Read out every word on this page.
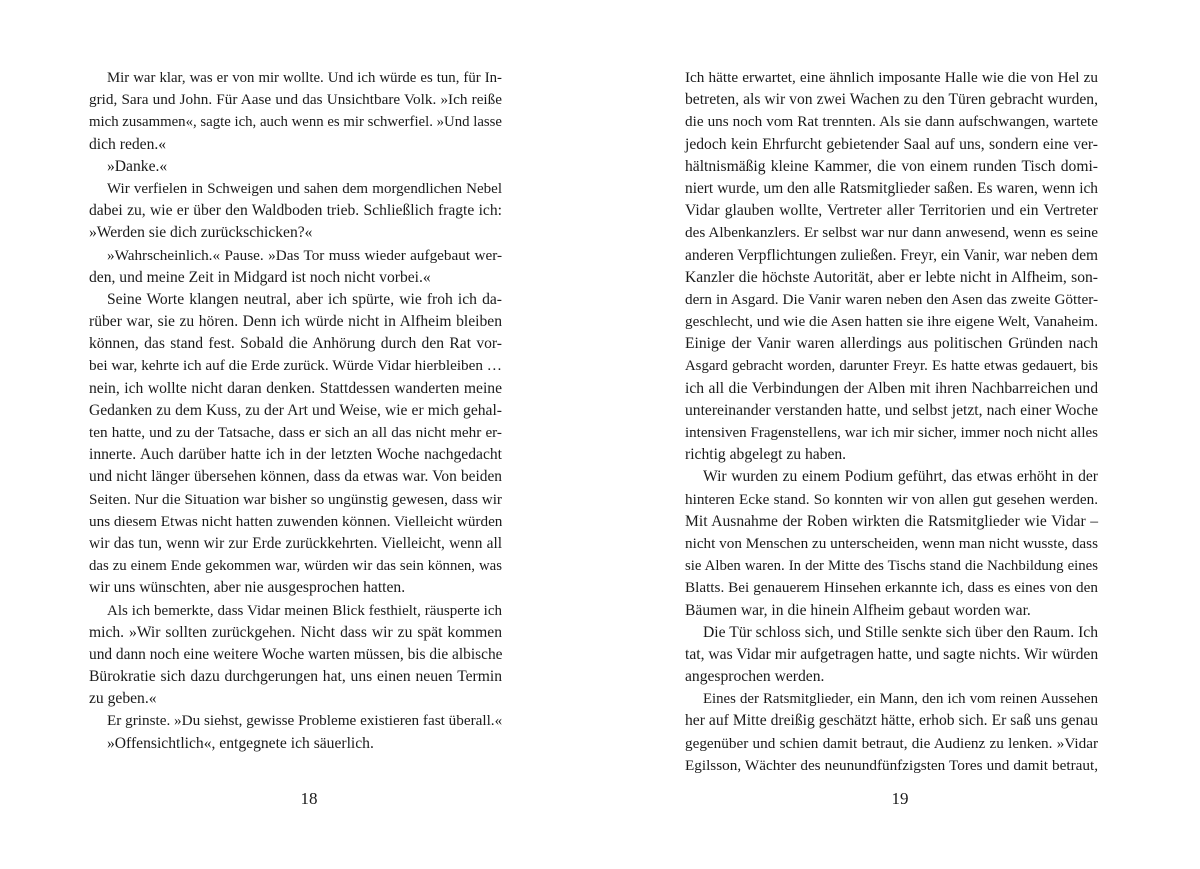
Mir war klar, was er von mir wollte. Und ich würde es tun, für In-
grid, Sara und John. Für Aase und das Unsichtbare Volk. »Ich reiße
mich zusammen«, sagte ich, auch wenn es mir schwerfiel. »Und lasse
dich reden.«
»Danke.«
Wir verfielen in Schweigen und sahen dem morgendlichen Nebel
dabei zu, wie er über den Waldboden trieb. Schließlich fragte ich:
»Werden sie dich zurückschicken?«
»Wahrscheinlich.« Pause. »Das Tor muss wieder aufgebaut wer-
den, und meine Zeit in Midgard ist noch nicht vorbei.«
Seine Worte klangen neutral, aber ich spürte, wie froh ich da-
rüber war, sie zu hören. Denn ich würde nicht in Alfheim bleiben
können, das stand fest. Sobald die Anhörung durch den Rat vor-
bei war, kehrte ich auf die Erde zurück. Würde Vidar hierbleiben …
nein, ich wollte nicht daran denken. Stattdessen wanderten meine
Gedanken zu dem Kuss, zu der Art und Weise, wie er mich gehal-
ten hatte, und zu der Tatsache, dass er sich an all das nicht mehr er-
innerte. Auch darüber hatte ich in der letzten Woche nachgedacht
und nicht länger übersehen können, dass da etwas war. Von beiden
Seiten. Nur die Situation war bisher so ungünstig gewesen, dass wir
uns diesem Etwas nicht hatten zuwenden können. Vielleicht würden
wir das tun, wenn wir zur Erde zurückkehrten. Vielleicht, wenn all
das zu einem Ende gekommen war, würden wir das sein können, was
wir uns wünschten, aber nie ausgesprochen hatten.
Als ich bemerkte, dass Vidar meinen Blick festhielt, räusperte ich
mich. »Wir sollten zurückgehen. Nicht dass wir zu spät kommen
und dann noch eine weitere Woche warten müssen, bis die albische
Bürokratie sich dazu durchgerungen hat, uns einen neuen Termin
zu geben.«
Er grinste. »Du siehst, gewisse Probleme existieren fast überall.«
»Offensichtlich«, entgegnete ich säuerlich.
Ich hätte erwartet, eine ähnlich imposante Halle wie die von Hel zu
betreten, als wir von zwei Wachen zu den Türen gebracht wurden,
die uns noch vom Rat trennten. Als sie dann aufschwangen, wartete
jedoch kein Ehrfurcht gebietender Saal auf uns, sondern eine ver-
hältnismäßig kleine Kammer, die von einem runden Tisch domi-
niert wurde, um den alle Ratsmitglieder saßen. Es waren, wenn ich
Vidar glauben wollte, Vertreter aller Territorien und ein Vertreter
des Albenkanzlers. Er selbst war nur dann anwesend, wenn es seine
anderen Verpflichtungen zuließen. Freyr, ein Vanir, war neben dem
Kanzler die höchste Autorität, aber er lebte nicht in Alfheim, son-
dern in Asgard. Die Vanir waren neben den Asen das zweite Götter-
geschlecht, und wie die Asen hatten sie ihre eigene Welt, Vanaheim.
Einige der Vanir waren allerdings aus politischen Gründen nach
Asgard gebracht worden, darunter Freyr. Es hatte etwas gedauert, bis
ich all die Verbindungen der Alben mit ihren Nachbarreichen und
untereinander verstanden hatte, und selbst jetzt, nach einer Woche
intensiven Fragenstellens, war ich mir sicher, immer noch nicht alles
richtig abgelegt zu haben.
Wir wurden zu einem Podium geführt, das etwas erhöht in der
hinteren Ecke stand. So konnten wir von allen gut gesehen werden.
Mit Ausnahme der Roben wirkten die Ratsmitglieder wie Vidar –
nicht von Menschen zu unterscheiden, wenn man nicht wusste, dass
sie Alben waren. In der Mitte des Tischs stand die Nachbildung eines
Blatts. Bei genauerem Hinsehen erkannte ich, dass es eines von den
Bäumen war, in die hinein Alfheim gebaut worden war.
Die Tür schloss sich, und Stille senkte sich über den Raum. Ich
tat, was Vidar mir aufgetragen hatte, und sagte nichts. Wir würden
angesprochen werden.
Eines der Ratsmitglieder, ein Mann, den ich vom reinen Aussehen
her auf Mitte dreißig geschätzt hätte, erhob sich. Er saß uns genau
gegenüber und schien damit betraut, die Audienz zu lenken. »Vidar
Egilsson, Wächter des neunundfünfzigsten Tores und damit betraut,
18	19
